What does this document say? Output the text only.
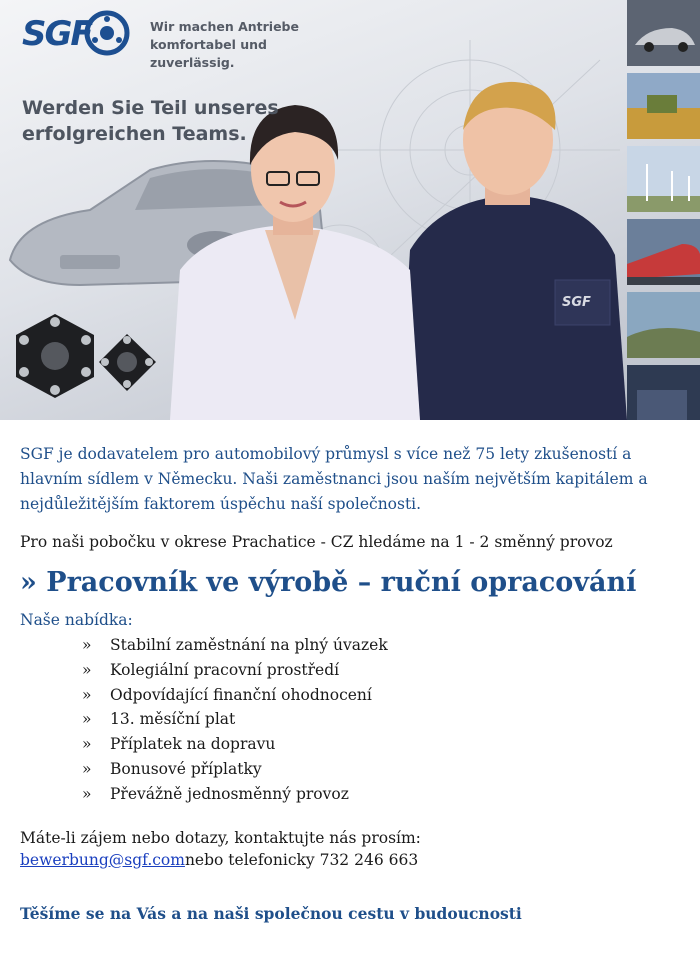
SGF

SGF	Wir machen Antriebe
komfortabel und zuverlässig.
Werden Sie Teil unseres
erfolgreichen Teams.

SGF je dodavatelem pro automobilový průmysl s více než 75 lety zkušeností a hlavním sídlem v Německu. Naši zaměstnanci jsou naším největším kapitálem a nejdůležitějším faktorem úspěchu naší společnosti.

Pro naši pobočku v okrese Prachatice - CZ hledáme na 1 - 2 směnný provoz

» Pracovník ve výrobě – ruční opracování

Naše nabídka:

»	Stabilní zaměstnání na plný úvazek
»	Kolegiální pracovní prostředí
»	Odpovídající finanční ohodnocení
»	13. měsíční plat
»	Příplatek na dopravu
»	Bonusové příplatky
»	Převážně jednosměnný provoz
Máte-li zájem nebo dotazy, kontaktujte nás prosím:
bewerbung@sgf.comnebo telefonicky 732 246 663

Těšíme se na Vás a na naši společnou cestu v budoucnosti
